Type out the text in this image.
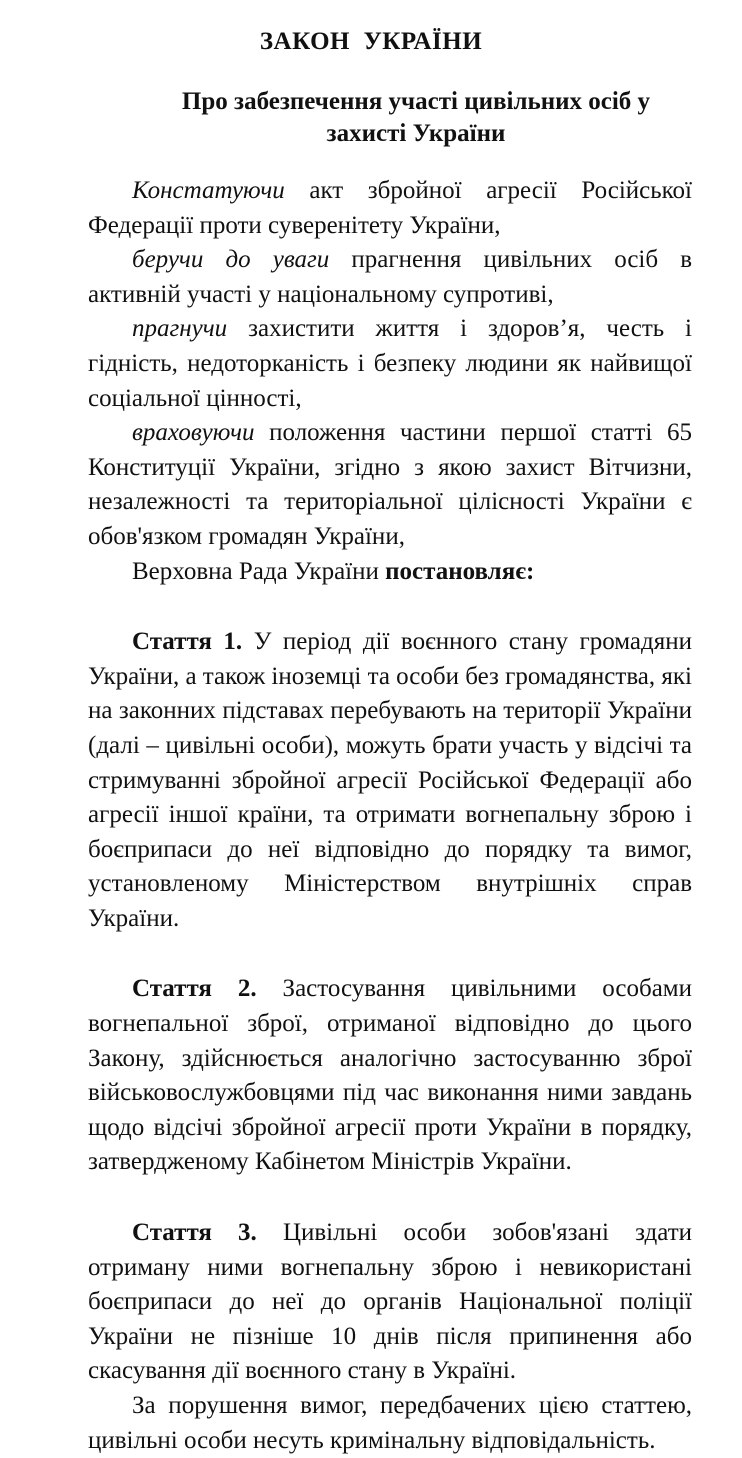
ЗАКОН  УКРАЇНИ
Про забезпечення участі цивільних осіб у захисті України

Констатуючи акт збройної агресії Російської Федерації проти суверенітету України,

беручи до уваги прагнення цивільних осіб в активній участі у національному супротиві,

прагнучи захистити життя і здоров’я, честь і гідність, недоторканість і безпеку людини як найвищої соціальної цінності,

враховуючи положення частини першої статті 65 Конституції України, згідно з якою захист Вітчизни, незалежності та територіальної цілісності України є обов'язком громадян України,

Верховна Рада України постановляє:

Стаття 1. У період дії воєнного стану громадяни України, а також іноземці та особи без громадянства, які на законних підставах перебувають на території України (далі – цивільні особи), можуть брати участь у відсічі та стримуванні збройної агресії Російської Федерації або агресії іншої країни, та отримати вогнепальну зброю і боєприпаси до неї відповідно до порядку та вимог, установленому Міністерством внутрішніх справ України.

Стаття 2. Застосування цивільними особами вогнепальної зброї, отриманої відповідно до цього Закону, здійснюється аналогічно застосуванню зброї військовослужбовцями під час виконання ними завдань щодо відсічі збройної агресії проти України в порядку, затвердженому Кабінетом Міністрів України.

Стаття 3. Цивільні особи зобов'язані здати отриману ними вогнепальну зброю і невикористані боєприпаси до неї до органів Національної поліції України не пізніше 10 днів після припинення або скасування дії воєнного стану в Україні.

За порушення вимог, передбачених цією статтею, цивільні особи несуть кримінальну відповідальність.
